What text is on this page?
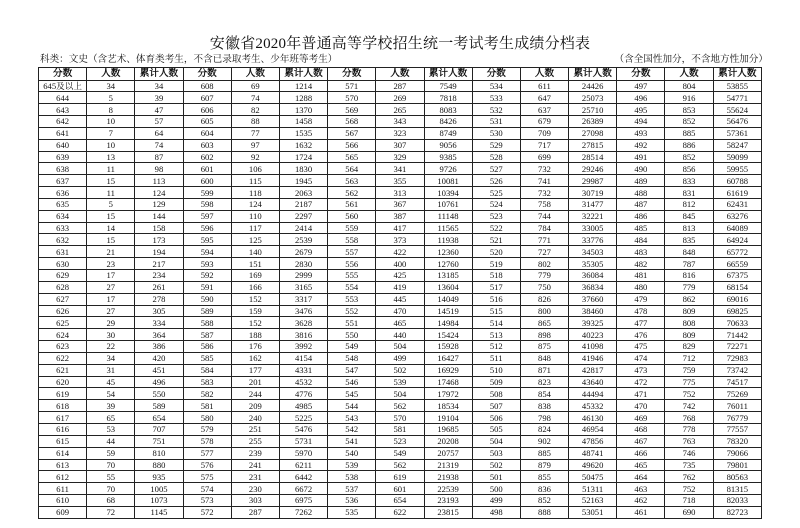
安徽省2020年普通高等学校招生统一考试考生成绩分档表
科类：文史（含艺术、体育类考生，不含已录取考生、少年班等考生）	（含全国性加分，不含地方性加分）
分数	人数	累计人数	分数	人数	累计人数	分数	人数	累计人数	分数	人数	累计人数	分数	人数	累计人数
645及以上	34	34	608	69	1214	571	287	7549	534	611	24426	497	804	53855
644	5	39	607	74	1288	570	269	7818	533	647	25073	496	916	54771
643	8	47	606	82	1370	569	265	8083	532	637	25710	495	853	55624
642	10	57	605	88	1458	568	343	8426	531	679	26389	494	852	56476
641	7	64	604	77	1535	567	323	8749	530	709	27098	493	885	57361
640	10	74	603	97	1632	566	307	9056	529	717	27815	492	886	58247
639	13	87	602	92	1724	565	329	9385	528	699	28514	491	852	59099
638	11	98	601	106	1830	564	341	9726	527	732	29246	490	856	59955
637	15	113	600	115	1945	563	355	10081	526	741	29987	489	833	60788
636	11	124	599	118	2063	562	313	10394	525	732	30719	488	831	61619
635	5	129	598	124	2187	561	367	10761	524	758	31477	487	812	62431
634	15	144	597	110	2297	560	387	11148	523	744	32221	486	845	63276
633	14	158	596	117	2414	559	417	11565	522	784	33005	485	813	64089
632	15	173	595	125	2539	558	373	11938	521	771	33776	484	835	64924
631	21	194	594	140	2679	557	422	12360	520	727	34503	483	848	65772
630	23	217	593	151	2830	556	400	12760	519	802	35305	482	787	66559
629	17	234	592	169	2999	555	425	13185	518	779	36084	481	816	67375
628	27	261	591	166	3165	554	419	13604	517	750	36834	480	779	68154
627	17	278	590	152	3317	553	445	14049	516	826	37660	479	862	69016
626	27	305	589	159	3476	552	470	14519	515	800	38460	478	809	69825
625	29	334	588	152	3628	551	465	14984	514	865	39325	477	808	70633
624	30	364	587	188	3816	550	440	15424	513	898	40223	476	809	71442
623	22	386	586	176	3992	549	504	15928	512	875	41098	475	829	72271
622	34	420	585	162	4154	548	499	16427	511	848	41946	474	712	72983
621	31	451	584	177	4331	547	502	16929	510	871	42817	473	759	73742
620	45	496	583	201	4532	546	539	17468	509	823	43640	472	775	74517
619	54	550	582	244	4776	545	504	17972	508	854	44494	471	752	75269
618	39	589	581	209	4985	544	562	18534	507	838	45332	470	742	76011
617	65	654	580	240	5225	543	570	19104	506	798	46130	469	768	76779
616	53	707	579	251	5476	542	581	19685	505	824	46954	468	778	77557
615	44	751	578	255	5731	541	523	20208	504	902	47856	467	763	78320
614	59	810	577	239	5970	540	549	20757	503	885	48741	466	746	79066
613	70	880	576	241	6211	539	562	21319	502	879	49620	465	735	79801
612	55	935	575	231	6442	538	619	21938	501	855	50475	464	762	80563
611	70	1005	574	230	6672	537	601	22539	500	836	51311	463	752	81315
610	68	1073	573	303	6975	536	654	23193	499	852	52163	462	718	82033
609	72	1145	572	287	7262	535	622	23815	498	888	53051	461	690	82723
